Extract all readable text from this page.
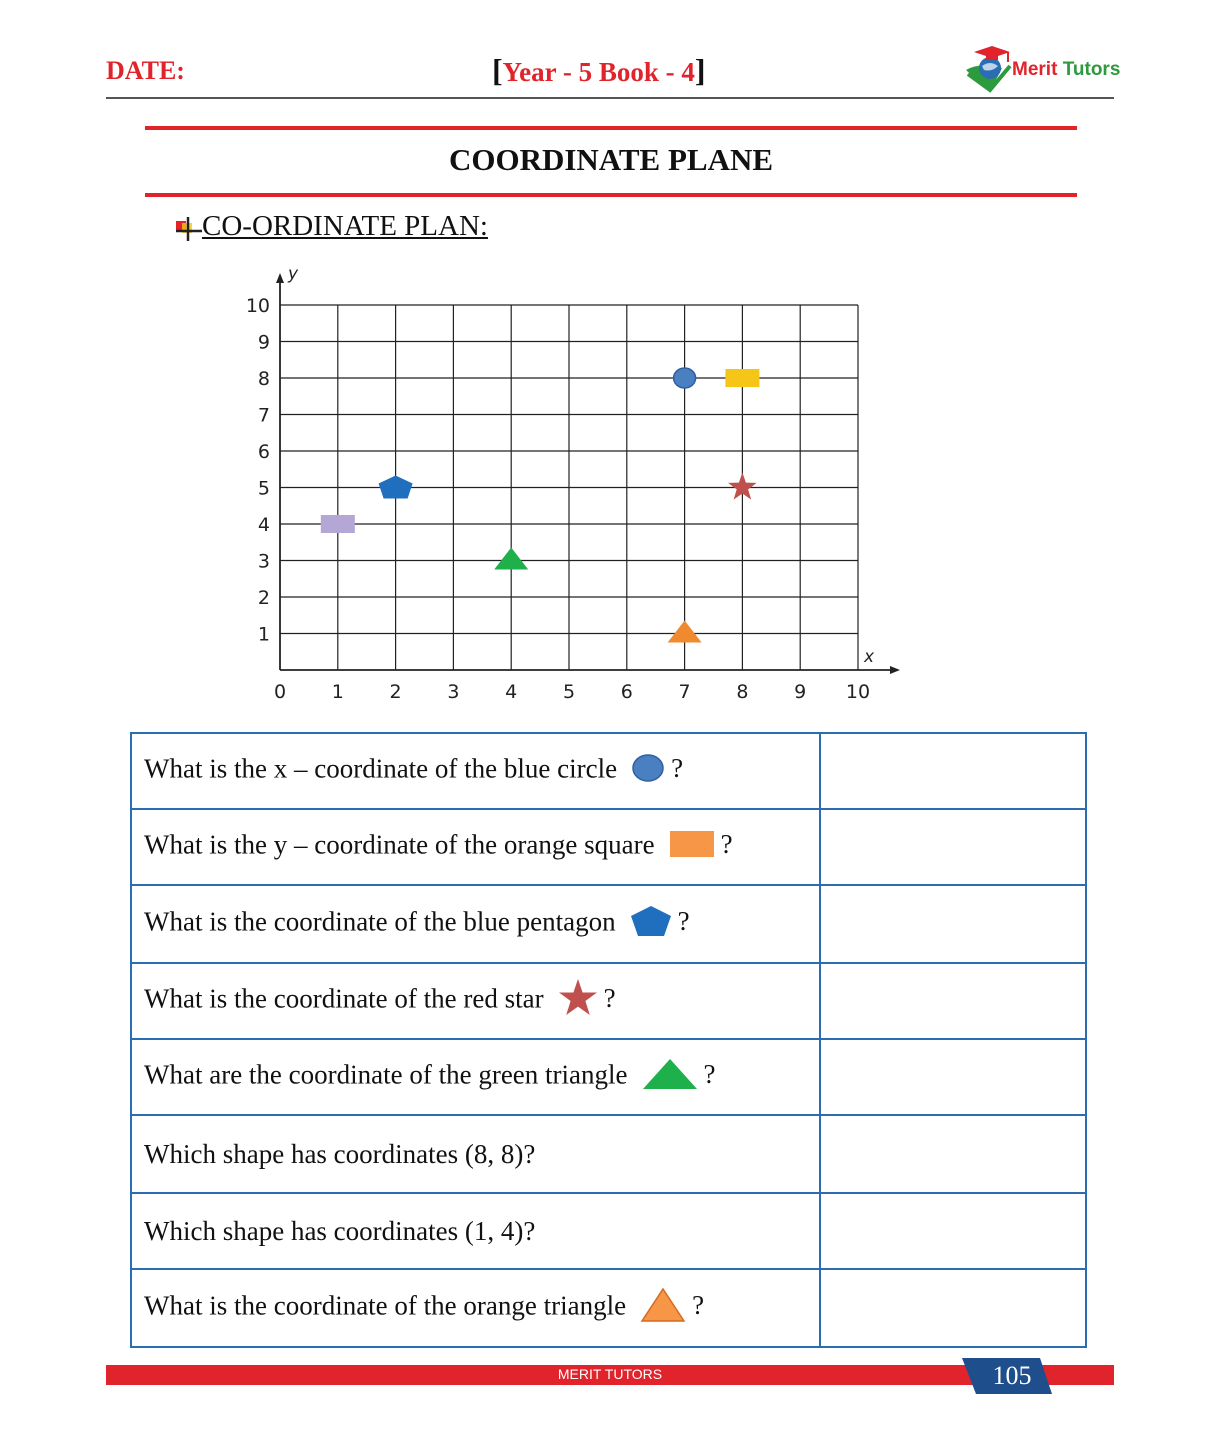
DATE:	[Year - 5 Book - 4]	Merit Tutors
COORDINATE PLANE
CO-ORDINATE PLAN:
y
x
0 1 2 3 4 5 6 7 8 9 10
1
2
3
4
5
6
7
8
9
10
What is the x – coordinate of the blue circle ?	
What is the y – coordinate of the orange square ?	
What is the coordinate of the blue pentagon ?	
What is the coordinate of the red star ?	
What are the coordinate of the green triangle ?	
Which shape has coordinates (8, 8)?	
Which shape has coordinates (1, 4)?	
What is the coordinate of the orange triangle ?	
MERIT TUTORS	105
